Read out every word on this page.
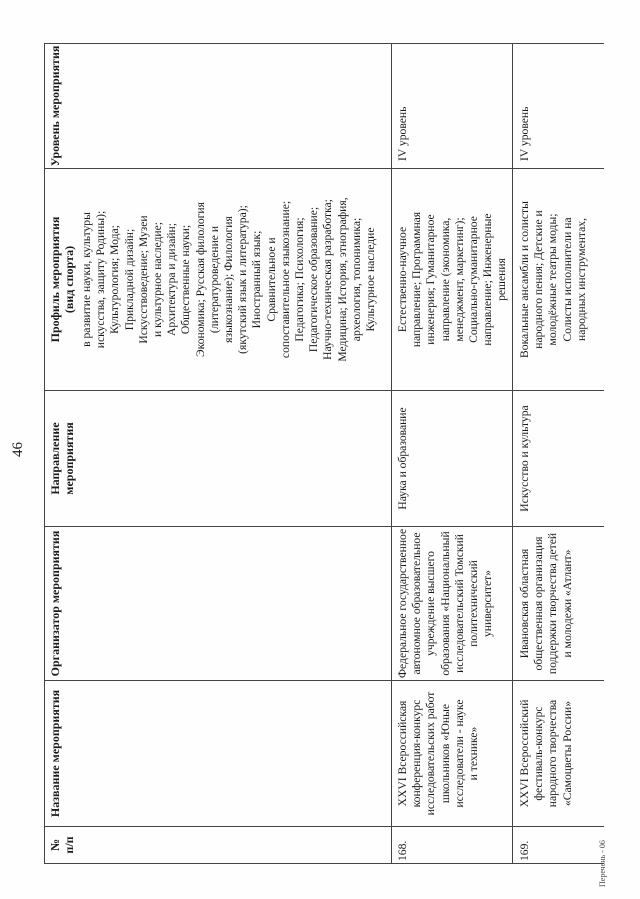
46
№
п/п
Название мероприятия
Организатор мероприятия
Направление
мероприятия
Профиль мероприятия
(вид спорта)
Уровень мероприятия
в развитие науки, культуры
искусства, защиту Родины);
Культурология; Мода;
Прикладной дизайн;
Искусствоведение; Музеи
и культурное наследие;
Архитектура и дизайн;
Общественные науки;
Экономика; Русская филология
(литературоведение и
языкознание); Филология
(якутский язык и литература);
Иностранный язык;
Сравнительное и
сопоставительное языкознание;
Педагогика; Психология;
Педагогическое образование;
Научно-техническая разработка;
Медицина; История, этнография,
археология, топонимика;
Культурное наследие
168.
XXVI Всероссийская
конференция-конкурс
исследовательских работ
школьников «Юные
исследователи - науке
и технике»
Федеральное государственное
автономное образовательное
учреждение высшего
образования «Национальный
исследовательский Томский
политехнический
университет»
Наука и образование
Естественно-научное
направление; Программная
инженерия; Гуманитарное
направление (экономика,
менеджмент, маркетинг);
Социально-гуманитарное
направление; Инженерные
решения
IV уровень
169.
XXVI Всероссийский
фестиваль-конкурс
народного творчества
«Самоцветы России»
Ивановская областная
общественная организация
поддержки творчества детей
и молодежи «Атлант»
Искусство и культура
Вокальные ансамбли и солисты
народного пения; Детские и
молодёжные театры моды;
Солисты исполнители на
народных инструментах,
IV уровень
Перечень - 06
